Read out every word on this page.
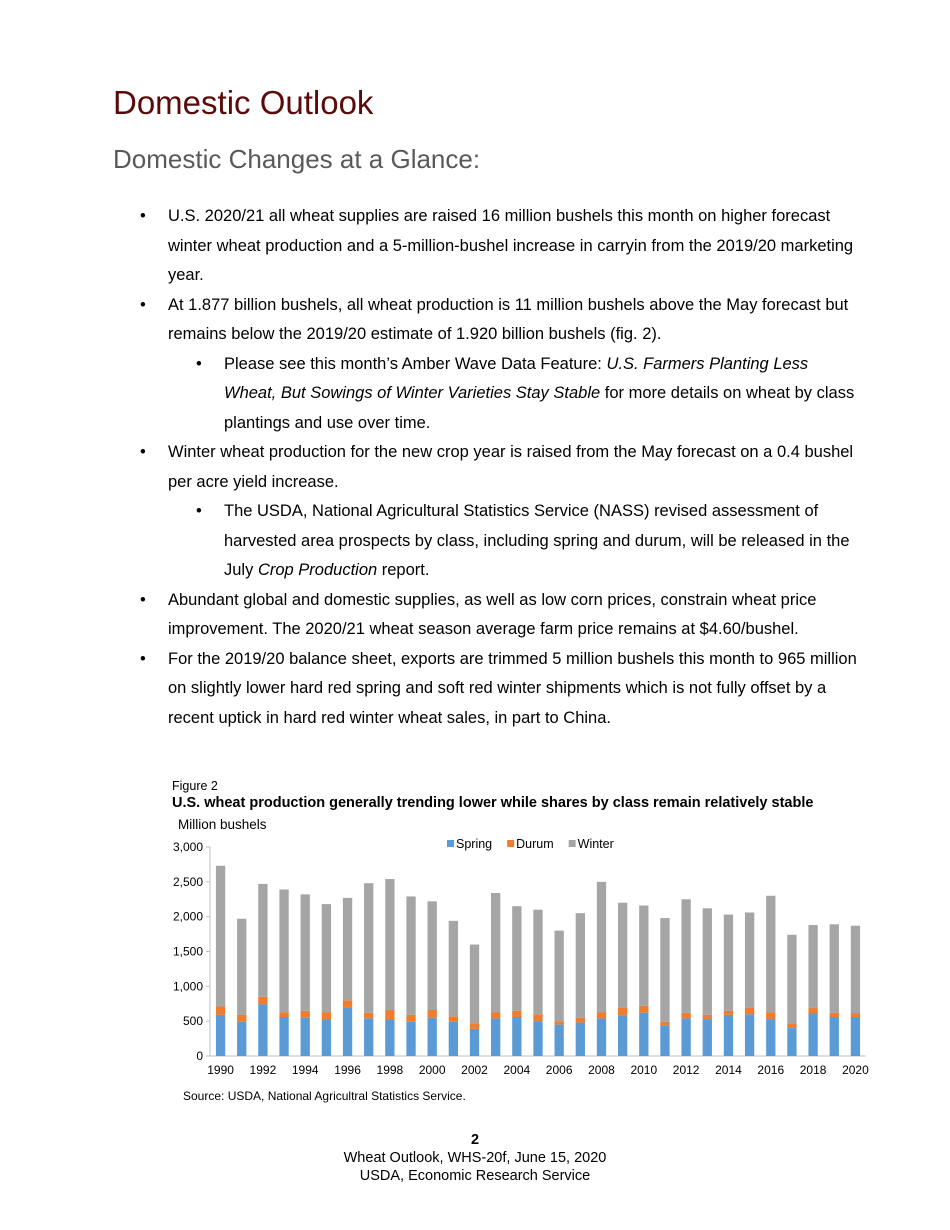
Domestic Outlook
Domestic Changes at a Glance:
• U.S. 2020/21 all wheat supplies are raised 16 million bushels this month on higher forecast winter wheat production and a 5-million-bushel increase in carryin from the 2019/20 marketing year.
• At 1.877 billion bushels, all wheat production is 11 million bushels above the May forecast but remains below the 2019/20 estimate of 1.920 billion bushels (fig. 2).
• Please see this month’s Amber Wave Data Feature: U.S. Farmers Planting Less Wheat, But Sowings of Winter Varieties Stay Stable for more details on wheat by class plantings and use over time.
• Winter wheat production for the new crop year is raised from the May forecast on a 0.4 bushel per acre yield increase.
• The USDA, National Agricultural Statistics Service (NASS) revised assessment of harvested area prospects by class, including spring and durum, will be released in the July Crop Production report.
• Abundant global and domestic supplies, as well as low corn prices, constrain wheat price improvement. The 2020/21 wheat season average farm price remains at $4.60/bushel.
• For the 2019/20 balance sheet, exports are trimmed 5 million bushels this month to 965 million on slightly lower hard red spring and soft red winter shipments which is not fully offset by a recent uptick in hard red winter wheat sales, in part to China.
Figure 2
U.S. wheat production generally trending lower while shares by class remain relatively stable
Million bushels
0
500
1,000
1,500
2,000
2,500
3,000
1990 1992 1994 1996 1998 2000 2002 2004 2006 2008 2010 2012 2014 2016 2018 2020
Spring Durum Winter
Source: USDA, National Agricultral Statistics Service.
2
Wheat Outlook, WHS-20f, June 15, 2020
USDA, Economic Research Service
